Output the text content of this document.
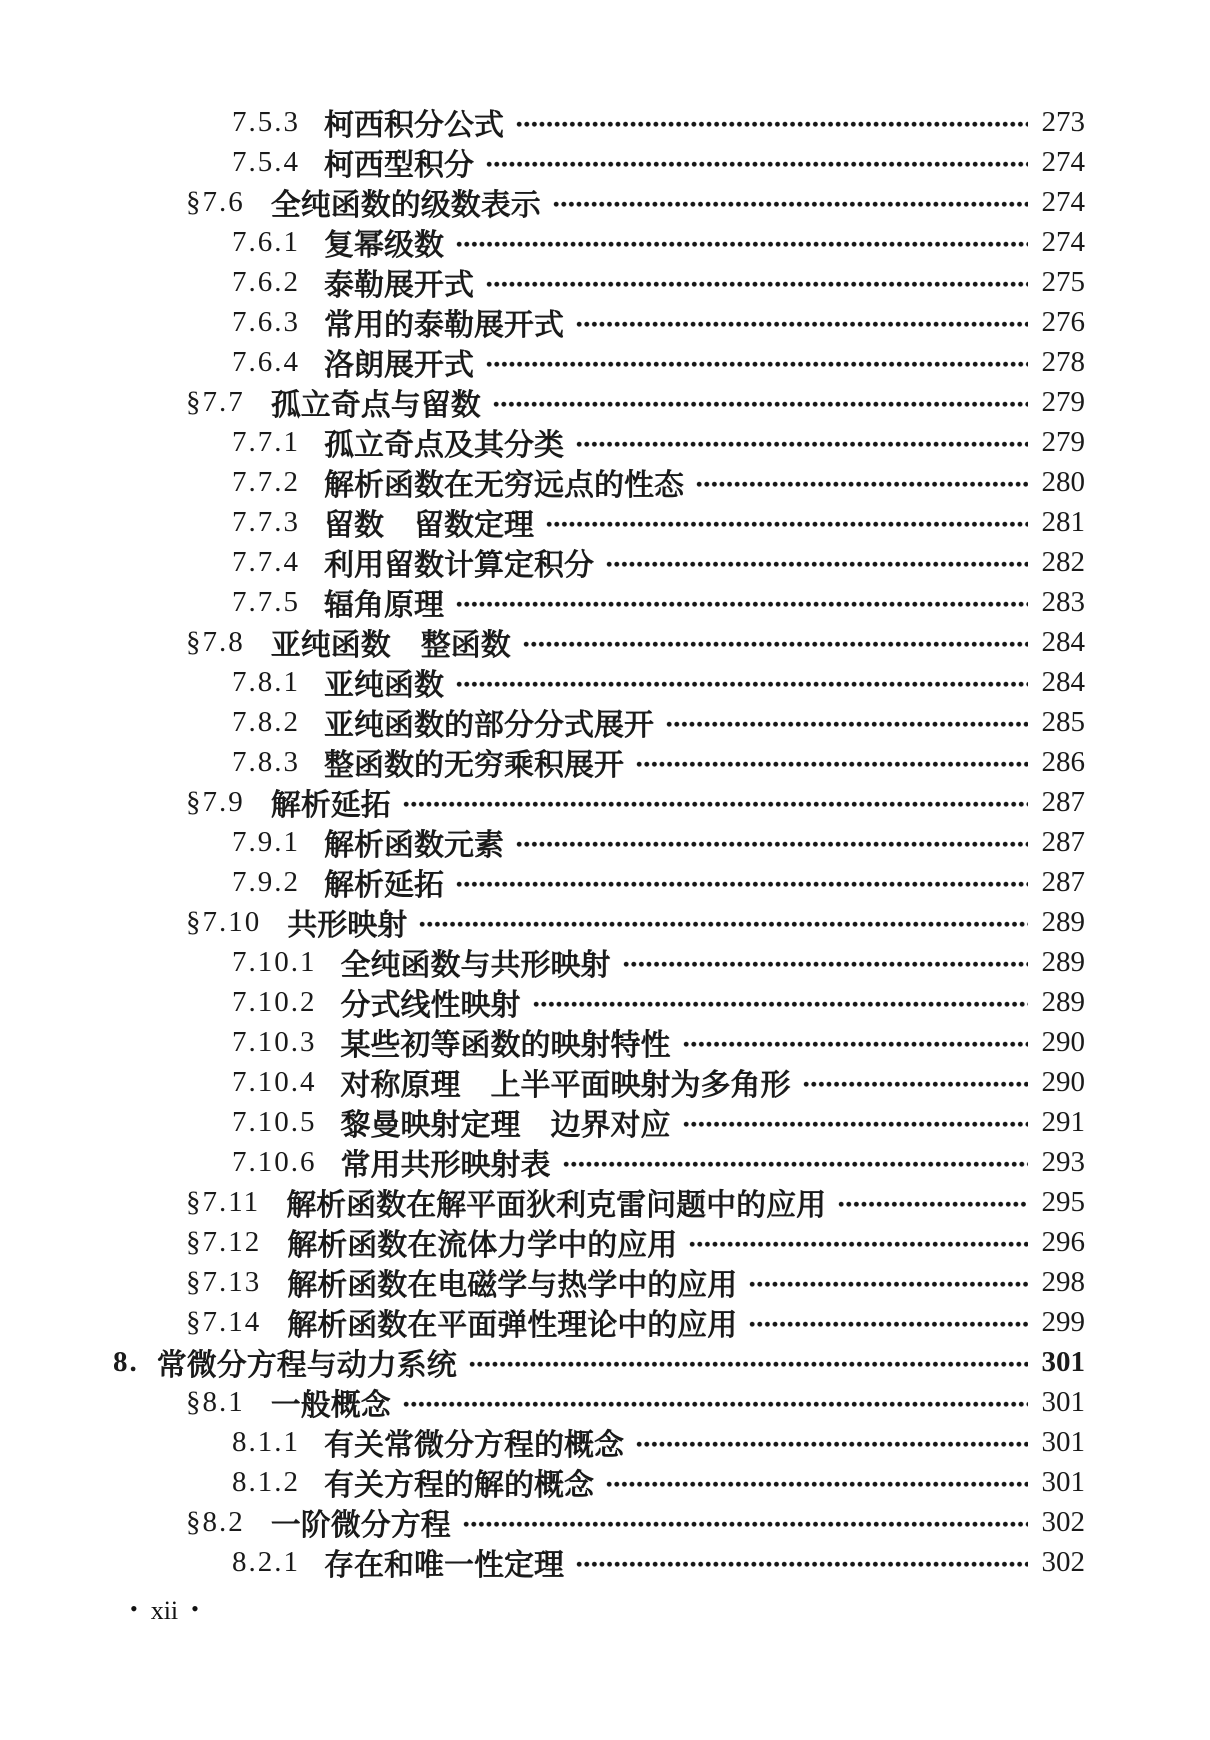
7.5.3 柯西积分公式	273
7.5.4 柯西型积分	274
§7.6 全纯函数的级数表示	274
7.6.1 复幂级数	274
7.6.2 泰勒展开式	275
7.6.3 常用的泰勒展开式	276
7.6.4 洛朗展开式	278
§7.7 孤立奇点与留数	279
7.7.1 孤立奇点及其分类	279
7.7.2 解析函数在无穷远点的性态	280
7.7.3 留数　留数定理	281
7.7.4 利用留数计算定积分	282
7.7.5 辐角原理	283
§7.8 亚纯函数　整函数	284
7.8.1 亚纯函数	284
7.8.2 亚纯函数的部分分式展开	285
7.8.3 整函数的无穷乘积展开	286
§7.9 解析延拓	287
7.9.1 解析函数元素	287
7.9.2 解析延拓	287
§7.10 共形映射	289
7.10.1 全纯函数与共形映射	289
7.10.2 分式线性映射	289
7.10.3 某些初等函数的映射特性	290
7.10.4 对称原理　上半平面映射为多角形	290
7.10.5 黎曼映射定理　边界对应	291
7.10.6 常用共形映射表	293
§7.11 解析函数在解平面狄利克雷问题中的应用	295
§7.12 解析函数在流体力学中的应用	296
§7.13 解析函数在电磁学与热学中的应用	298
§7.14 解析函数在平面弹性理论中的应用	299
8. 常微分方程与动力系统	301
§8.1 一般概念	301
8.1.1 有关常微分方程的概念	301
8.1.2 有关方程的解的概念	301
§8.2 一阶微分方程	302
8.2.1 存在和唯一性定理	302
• xii •
